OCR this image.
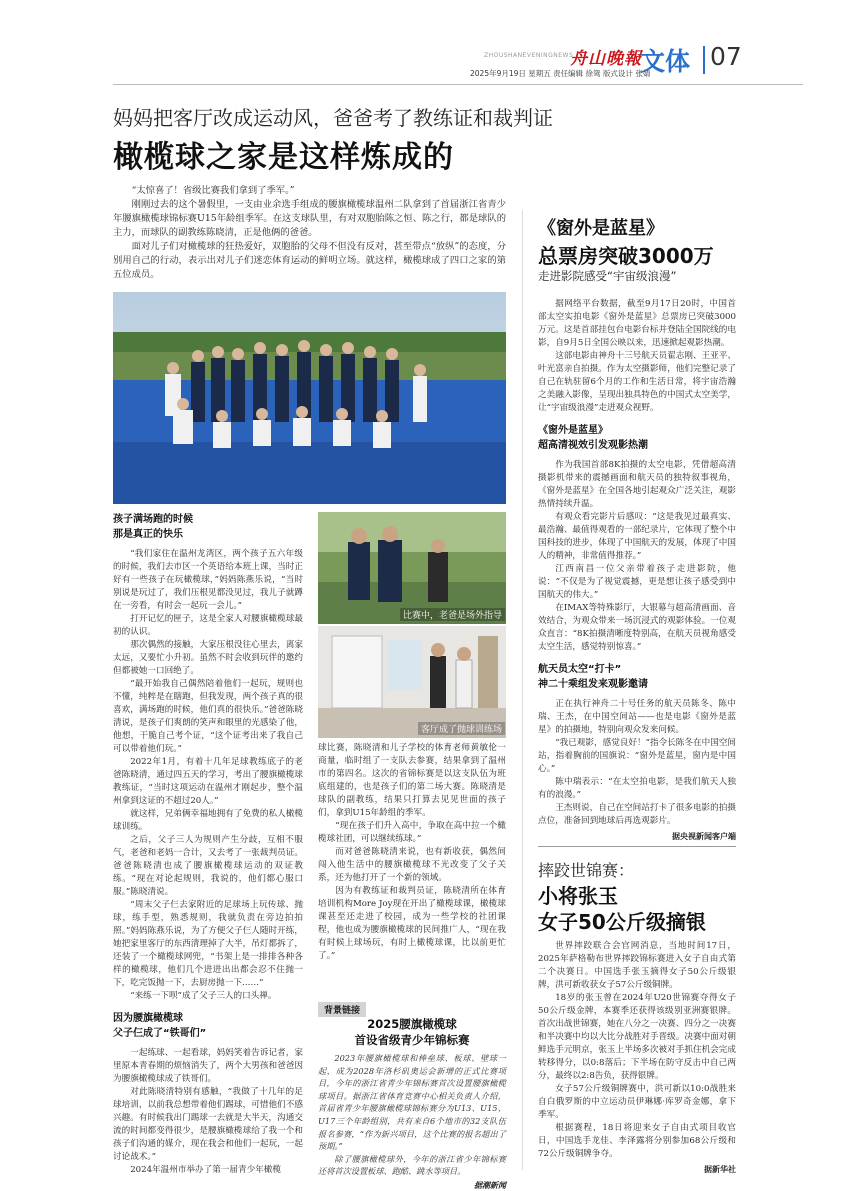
ZHOUSHANEVENINGNEWS
舟山晚報
2025年9月19日 星期五 责任编辑 徐鸳 版式设计 张婧
文体 07
妈妈把客厅改成运动风，爸爸考了教练证和裁判证
橄榄球之家是这样炼成的

“太惊喜了！省级比赛我们拿到了季军。”

刚刚过去的这个暑假里，一支由业余选手组成的腰旗橄榄球温州二队拿到了首届浙江省青少年腰旗橄榄球锦标赛U15年龄组季军。在这支球队里，有对双胞胎陈之恒、陈之行，都是球队的主力，而球队的副教练陈晓清，正是他俩的爸爸。

面对儿子们对橄榄球的狂热爱好，双胞胎的父母不但没有反对，甚至带点“放纵”的态度，分别用自己的行动，表示出对儿子们迷恋体育运动的鲜明立场。就这样，橄榄球成了四口之家的第五位成员。

孩子满场跑的时候
那是真正的快乐

“我们家住在温州龙湾区，两个孩子五六年级的时候，我们去市区一个英语给本班上课，当时正好有一些孩子在玩橄榄球，”妈妈陈燕乐说，“当时别说是玩过了，我们压根见都没见过，我儿子就蹲在一旁看，有时会一起玩一会儿。”

打开记忆的匣子，这是全家人对腰旗橄榄球最初的认识。

那次偶然的接触，大家压根没往心里去，离家太远，又要忙小升初。虽然不时会收到玩伴的邀约但都被她一口回绝了。

“最开始我自己偶然陪着他们一起玩，规则也不懂，纯粹是在瞎跑，但我发现，两个孩子真的很喜欢，满场跑的时候，他们真的很快乐。”爸爸陈晓清说，是孩子们爽朗的笑声和眼里的光感染了他，他想，干脆自己考个证，“这个证考出来了我自己可以带着他们玩。”

2022年1月，有着十几年足球教练底子的老爸陈晓清，通过四五天的学习，考出了腰旗橄榄球教练证，“当时这项运动在温州才刚起步，整个温州拿到这证的不超过20人。”

就这样，兄弟俩幸福地拥有了免费的私人橄榄球训练。

之后，父子三人为规则产生分歧，互相不服气，老爸和老妈一合计，又去考了一张裁判员证。爸爸陈晓清也成了腰旗橄榄球运动的双证教练。“现在对论起规则，我说的，他们都心服口服。”陈晓清说。

“周末父子仨去家附近的足球场上玩传球、抛球，练手型，熟悉规则，我就负责在旁边拍拍照。”妈妈陈燕乐说，为了方便父子仨人随时开练，她把家里客厅的东西清理掉了大半，吊灯都拆了，还装了一个橄榄球网兜，“书架上是一排排各种各样的橄榄球，他们几个进进出出都会忍不住抛一下，吃完饭抛一下，去厨房抛一下……”

“来练一下呗”成了父子三人的口头禅。

因为腰旗橄榄球
父子仨成了“铁哥们”

一起练球、一起看球，妈妈笑着告诉记者，家里原本青春期的烦恼消失了，两个大男孩和爸爸因为腰旗橄榄球成了铁哥们。

对此陈晓清特别有感触，“我做了十几年的足球培训，以前我总想带着他们踢球，可惜他们不感兴趣。有时候我出门踢球一去就是大半天，沟通交流的时间都变得很少，是腰旗橄榄球给了我一个和孩子们沟通的媒介，现在我会和他们一起玩，一起讨论战术。”

2024年温州市举办了第一届青少年橄榄

比赛中，老爸是场外指导
客厅成了抛球训练场

球比赛，陈晓清和儿子学校的体育老师黄敏伦一商量，临时组了一支队去参赛，结果拿到了温州市的第四名。这次的省锦标赛是以这支队伍为班底组建的，也是孩子们的第二场大赛。陈晓清是球队的副教练，结果只打算去见见世面的孩子们，拿到U15年龄组的季军。

“现在孩子们升入高中，争取在高中拉一个橄榄球社团，可以继续练球。”

而对爸爸陈晓清来说，也有新收获，偶然间闯入他生活中的腰旗橄榄球不光改变了父子关系，还为他打开了一个新的领域。

因为有教练证和裁判员证，陈晓清所在体育培训机构More Joy现在开出了橄榄球课，橄榄球课甚至还走进了校园，成为一些学校的社团课程，他也成为腰旗橄榄球的民间推广人，“现在我有时候上球场玩，有时上橄榄球课，比以前更忙了。”

背景链接
2025腰旗橄榄球
首设省级青少年锦标赛

2023年腰旗橄榄球和棒垒球、板球、壁球一起，成为2028年洛杉矶奥运会新增的正式比赛项目，今年的浙江省青少年锦标赛首次设置腰旗橄榄球项目。据浙江省体育竞赛中心相关负责人介绍，首届省青少年腰旗橄榄球锦标赛分为U13、U15、U17三个年龄组别，共有来自6个地市的32支队伍报名参赛，“作为新兴项目，这个比赛的报名超出了预期。”

除了腰旗橄榄球外，今年的浙江省少年锦标赛还将首次设置板球、跑酷、跳水等项目。

据潮新闻
《窗外是蓝星》
总票房突破3000万
走进影院感受“宇宙级浪漫”

据网络平台数据，截至9月17日20时，中国首部太空实拍电影《窗外是蓝星》总票房已突破3000万元。这是首部挂包台电影台标并登陆全国院线的电影，自9月5日全国公映以来，迅速掀起观影热潮。

这部电影由神舟十三号航天员翟志刚、王亚平、叶光富亲自拍摄。作为太空摄影师，他们完整记录了自己在轨驻留6个月的工作和生活日常，将宇宙浩瀚之美融入影像，呈现出独具特色的中国式太空美学，让“宇宙级浪漫”走进观众视野。

《窗外是蓝星》
超高清视效引发观影热潮

作为我国首部8K拍摄的太空电影，凭借超高清摄影机带来的震撼画面和航天员的独特叙事视角，《窗外是蓝星》在全国各地引起观众广泛关注，观影热情持续升温。

有观众看完影片后感叹：“这是我见过最真实、最浩瀚、最值得观看的一部纪录片，它体现了整个中国科技的进步，体现了中国航天的发展，体现了中国人的精神，非常值得推荐。”

江西南昌一位父亲带着孩子走进影院，他说：“不仅是为了视觉震撼，更是想让孩子感受到中国航天的伟大。”

在IMAX等特殊影厅，大银幕与超高清画面、音效结合，为观众带来一场沉浸式的观影体验。一位观众直言：“8K拍摄清晰度特别高，在航天员视角感受太空生活，感觉特别惊喜。”

航天员太空“打卡”
神二十乘组发来观影邀请

正在执行神舟二十号任务的航天员陈冬、陈中瑞、王杰，在中国空间站——也是电影《窗外是蓝星》的拍摄地，特别向观众发来问候。

“我已观影，感觉良好！”指令长陈冬在中国空间站，指着胸前的国旗说：“窗外是蓝星，窗内是中国心。”

陈中瑞表示：“在太空拍电影，是我们航天人独有的浪漫。”

王杰则说，自己在空间站打卡了很多电影的拍摄点位，准备回到地球后再选观影片。

据央视新闻客户端
摔跤世锦赛：
小将张玉
女子50公斤级摘银

世界摔跤联合会官网消息，当地时间17日，2025年萨格勒布世界摔跤锦标赛进入女子自由式第二个决赛日。中国选手张玉摘得女子50公斤级银牌，洪可新收获女子57公斤级铜牌。

18岁的张玉曾在2024年U20世锦赛夺得女子50公斤级金牌，本赛季还获得该级别亚洲赛银牌。首次出战世锦赛，她在八分之一决赛、四分之一决赛和半决赛中均以大比分战胜对手晋级。决赛中面对朝鲜选手元明京，张玉上半场多次被对手抓住机会完成转移得分，以0:8落后；下半场在防守反击中自己两分，最终以2:8告负，获得银牌。

女子57公斤级铜牌赛中，洪可新以10:0战胜来自白俄罗斯的中立运动员伊琳娜·库罗奇金娜，拿下季军。

根据赛程，18日将迎来女子自由式项目收官日，中国选手龙佳、李泽露将分别参加68公斤级和72公斤级铜牌争夺。

据新华社
